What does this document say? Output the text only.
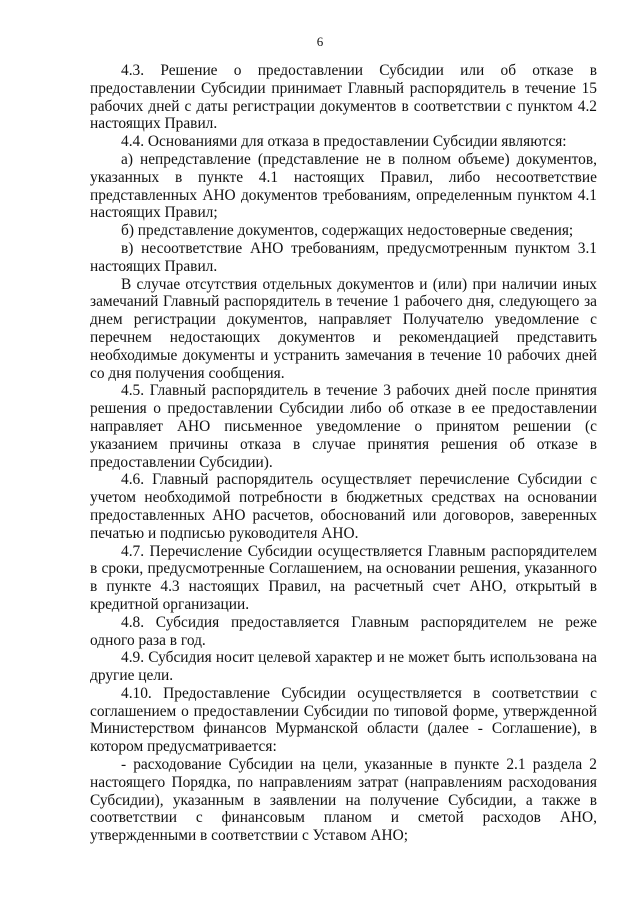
6

4.3. Решение о предоставлении Субсидии или об отказе в предоставлении Субсидии принимает Главный распорядитель в течение 15 рабочих дней с даты регистрации документов в соответствии с пунктом 4.2 настоящих Правил.

4.4. Основаниями для отказа в предоставлении Субсидии являются:

а) непредставление (представление не в полном объеме) документов, указанных в пункте 4.1 настоящих Правил, либо несоответствие представленных АНО документов требованиям, определенным пунктом 4.1 настоящих Правил;

б) представление документов, содержащих недостоверные сведения;

в) несоответствие АНО требованиям, предусмотренным пунктом 3.1 настоящих Правил.

В случае отсутствия отдельных документов и (или) при наличии иных замечаний Главный распорядитель в течение 1 рабочего дня, следующего за днем регистрации документов, направляет Получателю уведомление с перечнем недостающих документов и рекомендацией представить необходимые документы и устранить замечания в течение 10 рабочих дней со дня получения сообщения.

4.5. Главный распорядитель в течение 3 рабочих дней после принятия решения о предоставлении Субсидии либо об отказе в ее предоставлении направляет АНО письменное уведомление о принятом решении (с указанием причины отказа в случае принятия решения об отказе в предоставлении Субсидии).

4.6. Главный распорядитель осуществляет перечисление Субсидии с учетом необходимой потребности в бюджетных средствах на основании предоставленных АНО расчетов, обоснований или договоров, заверенных печатью и подписью руководителя АНО.

4.7. Перечисление Субсидии осуществляется Главным распорядителем в сроки, предусмотренные Соглашением, на основании решения, указанного в пункте 4.3 настоящих Правил, на расчетный счет АНО, открытый в кредитной организации.

4.8. Субсидия предоставляется Главным распорядителем не реже одного раза в год.

4.9. Субсидия носит целевой характер и не может быть использована на другие цели.

4.10. Предоставление Субсидии осуществляется в соответствии с соглашением о предоставлении Субсидии по типовой форме, утвержденной Министерством финансов Мурманской области (далее - Соглашение), в котором предусматривается:

- расходование Субсидии на цели, указанные в пункте 2.1 раздела 2 настоящего Порядка, по направлениям затрат (направлениям расходования Субсидии), указанным в заявлении на получение Субсидии, а также в соответствии с финансовым планом и сметой расходов АНО, утвержденными в соответствии с Уставом АНО;
